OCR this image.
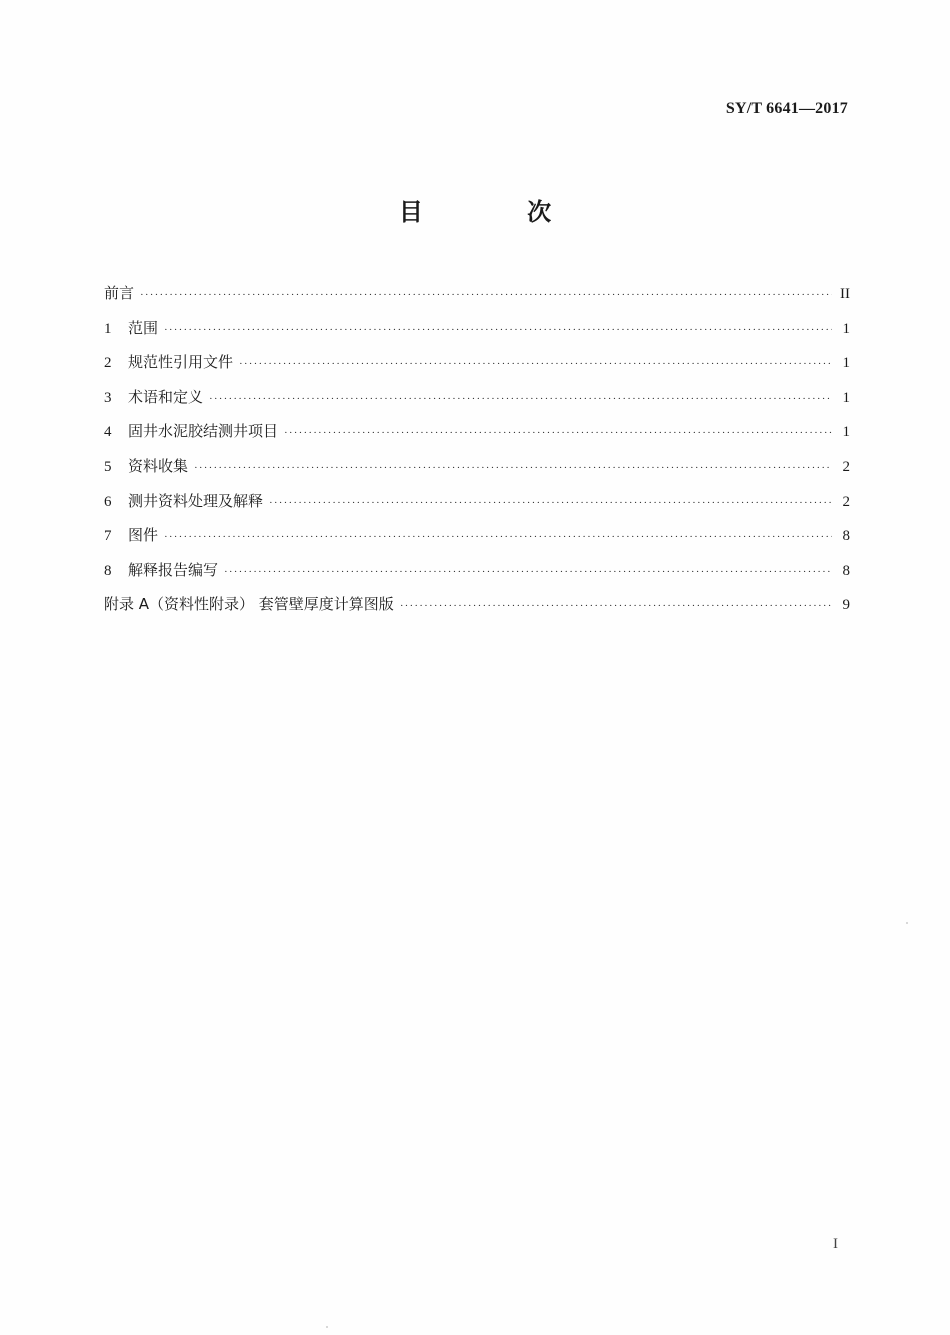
SY/T 6641—2017
目 次
前言 ·····	II
1	范围 ·····	1
2	规范性引用文件 ·····	1
3	术语和定义 ·····	1
4	固井水泥胶结测井项目 ·····	1
5	资料收集 ·····	2
6	测井资料处理及解释 ·····	2
7	图件 ·····	8
8	解释报告编写 ·····	8
附录 A（资料性附录） 套管壁厚度计算图版 ·····	9
I
